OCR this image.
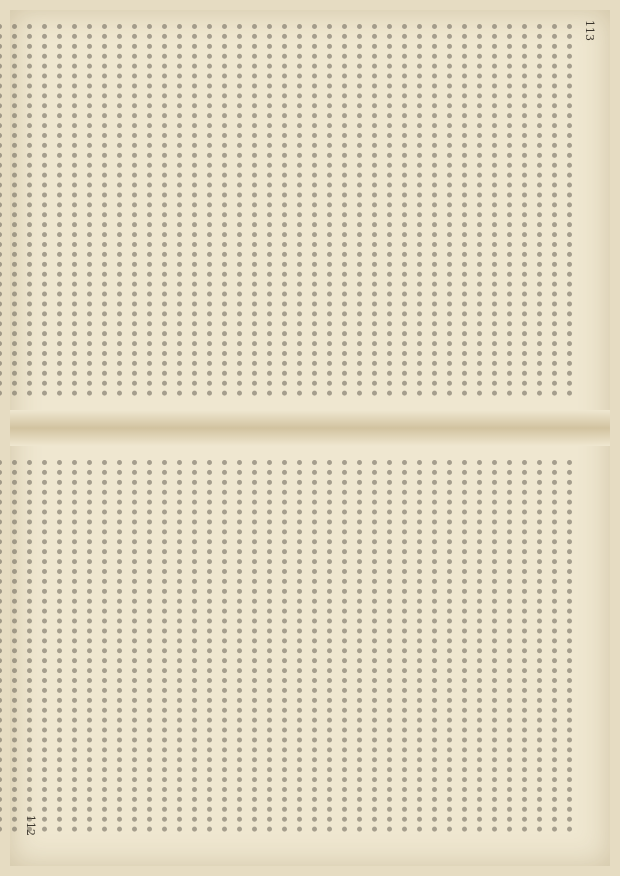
113
112
